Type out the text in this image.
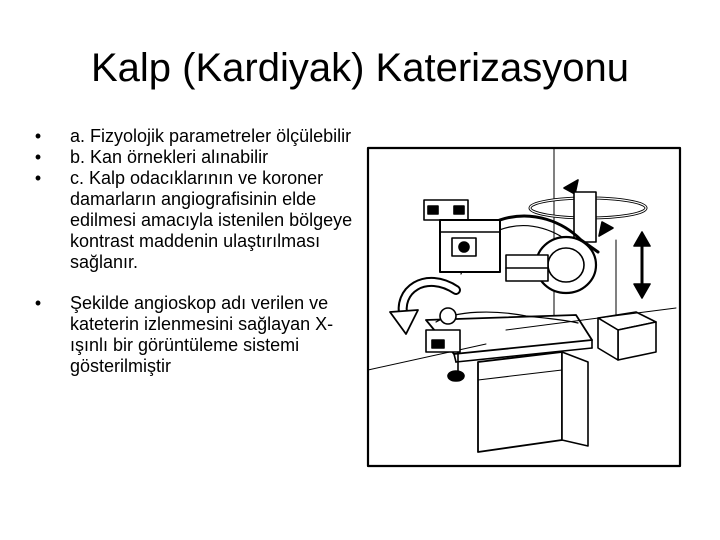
Kalp (Kardiyak) Katerizasyonu
•	a. Fizyolojik parametreler ölçülebilir
•	b. Kan örnekleri alınabilir
•	c. Kalp odacıklarının ve koroner damarların angiografisinin elde edilmesi amacıyla istenilen bölgeye kontrast maddenin ulaştırılması sağlanır.
•	Şekilde angioskop adı verilen ve kateterin izlenmesini sağlayan X-ışınlı bir görüntüleme sistemi gösterilmiştir
